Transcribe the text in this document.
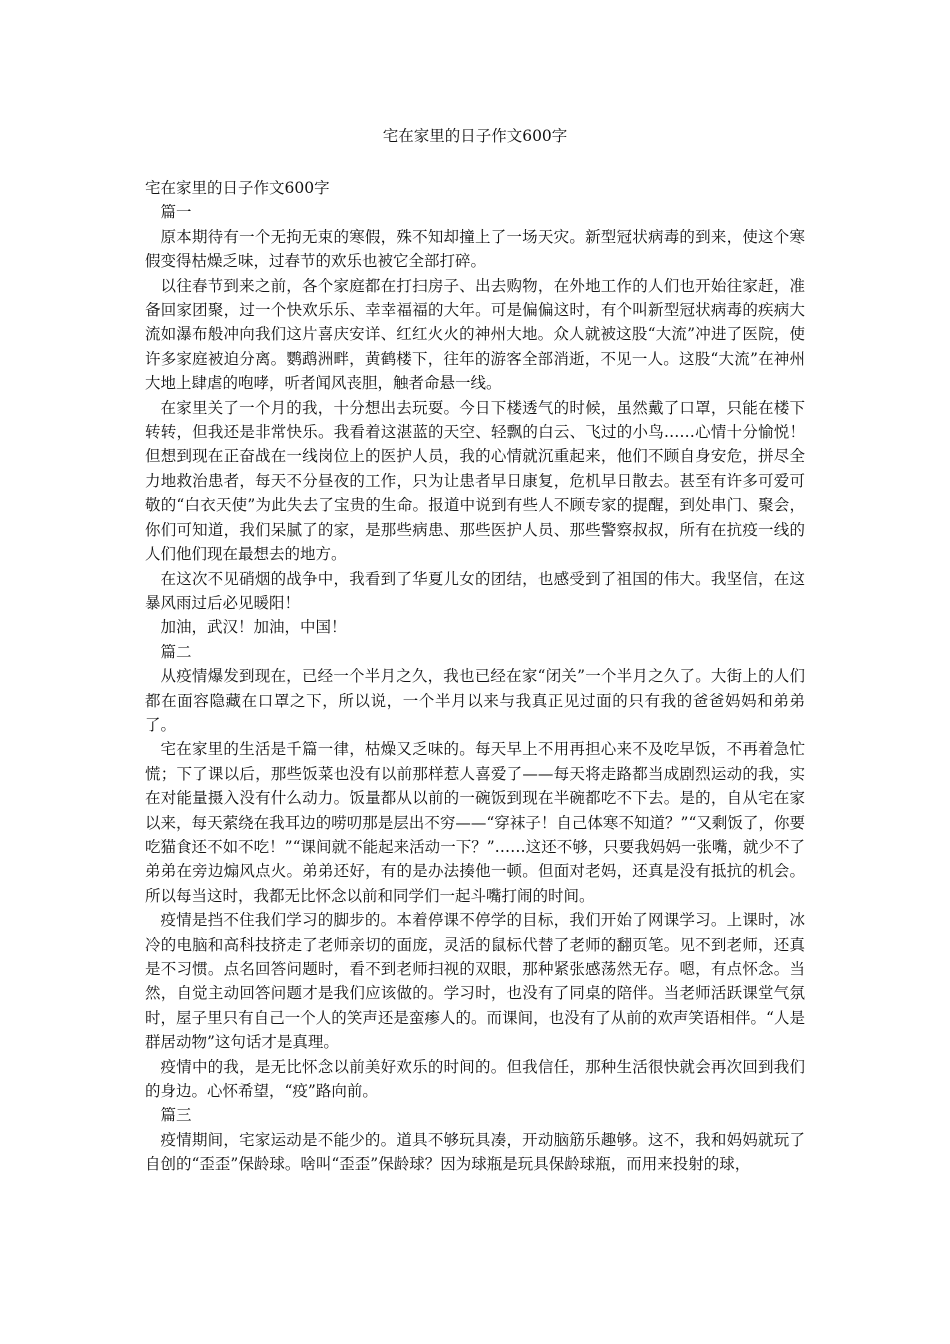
宅在家里的日子作文600字

宅在家里的日子作文600字

篇一

原本期待有一个无拘无束的寒假，殊不知却撞上了一场天灾。新型冠状病毒的到来，使这个寒假变得枯燥乏味，过春节的欢乐也被它全部打碎。

以往春节到来之前，各个家庭都在打扫房子、出去购物，在外地工作的人们也开始往家赶，准备回家团聚，过一个快欢乐乐、幸幸福福的大年。可是偏偏这时，有个叫新型冠状病毒的疾病大流如瀑布般冲向我们这片喜庆安详、红红火火的神州大地。众人就被这股“大流”冲进了医院，使许多家庭被迫分离。鹦鹉洲畔，黄鹤楼下，往年的游客全部消逝，不见一人。这股“大流”在神州大地上肆虐的咆哮，听者闻风丧胆，触者命悬一线。

在家里关了一个月的我，十分想出去玩耍。今日下楼透气的时候，虽然戴了口罩，只能在楼下转转，但我还是非常快乐。我看着这湛蓝的天空、轻飘的白云、飞过的小鸟……心情十分愉悦！但想到现在正奋战在一线岗位上的医护人员，我的心情就沉重起来，他们不顾自身安危，拼尽全力地救治患者，每天不分昼夜的工作，只为让患者早日康复，危机早日散去。甚至有许多可爱可敬的“白衣天使”为此失去了宝贵的生命。报道中说到有些人不顾专家的提醒，到处串门、聚会，你们可知道，我们呆腻了的家，是那些病患、那些医护人员、那些警察叔叔，所有在抗疫一线的人们他们现在最想去的地方。

在这次不见硝烟的战争中，我看到了华夏儿女的团结，也感受到了祖国的伟大。我坚信，在这暴风雨过后必见暖阳！

加油，武汉！加油，中国！

篇二

从疫情爆发到现在，已经一个半月之久，我也已经在家“闭关”一个半月之久了。大街上的人们都在面容隐藏在口罩之下，所以说，一个半月以来与我真正见过面的只有我的爸爸妈妈和弟弟了。

宅在家里的生活是千篇一律，枯燥又乏味的。每天早上不用再担心来不及吃早饭，不再着急忙慌；下了课以后，那些饭菜也没有以前那样惹人喜爱了——每天将走路都当成剧烈运动的我，实在对能量摄入没有什么动力。饭量都从以前的一碗饭到现在半碗都吃不下去。是的，自从宅在家以来，每天萦绕在我耳边的唠叨那是层出不穷——“穿袜子！自己体寒不知道？”“又剩饭了，你要吃猫食还不如不吃！”“课间就不能起来活动一下？”……这还不够，只要我妈妈一张嘴，就少不了弟弟在旁边煽风点火。弟弟还好，有的是办法揍他一顿。但面对老妈，还真是没有抵抗的机会。所以每当这时，我都无比怀念以前和同学们一起斗嘴打闹的时间。

疫情是挡不住我们学习的脚步的。本着停课不停学的目标，我们开始了网课学习。上课时，冰冷的电脑和高科技挤走了老师亲切的面庞，灵活的鼠标代替了老师的翻页笔。见不到老师，还真是不习惯。点名回答问题时，看不到老师扫视的双眼，那种紧张感荡然无存。嗯，有点怀念。当然，自觉主动回答问题才是我们应该做的。学习时，也没有了同桌的陪伴。当老师活跃课堂气氛时，屋子里只有自己一个人的笑声还是蛮瘆人的。而课间，也没有了从前的欢声笑语相伴。“人是群居动物”这句话才是真理。

疫情中的我，是无比怀念以前美好欢乐的时间的。但我信任，那种生活很快就会再次回到我们的身边。心怀希望，“疫”路向前。

篇三

疫情期间，宅家运动是不能少的。道具不够玩具凑，开动脑筋乐趣够。这不，我和妈妈就玩了自创的“歪歪”保龄球。啥叫“歪歪”保龄球？因为球瓶是玩具保龄球瓶，而用来投射的球，
